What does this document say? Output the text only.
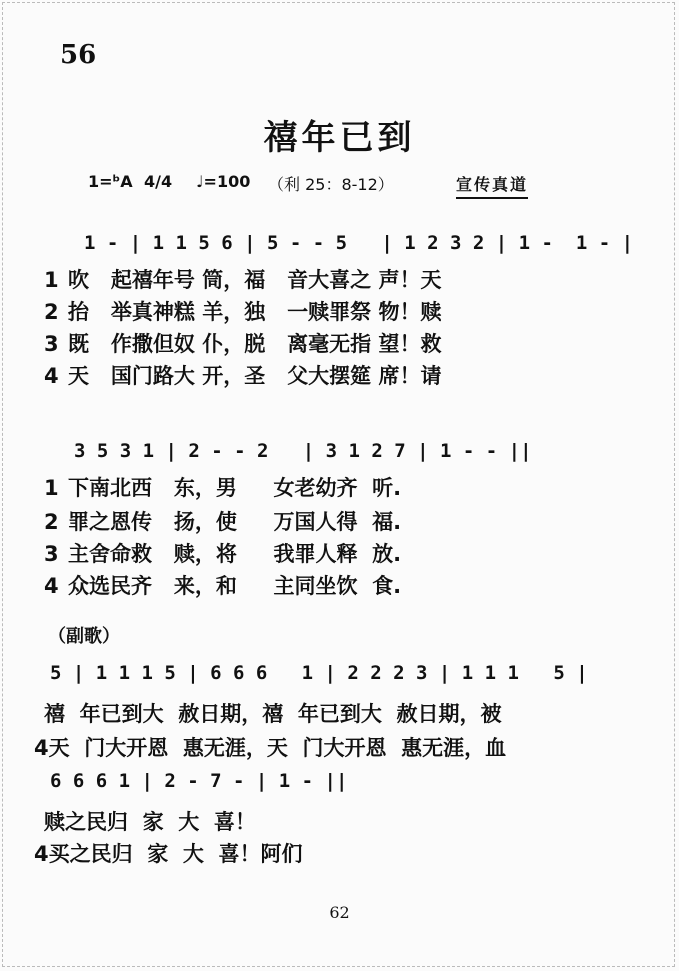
56
禧年已到
1=ᵇA 4/4 ♩=100 （利 25：8-12）	宣传真道
1 - | 1 1 5 6 | 5 - - 5   | 1 2 3 2 | 1 -  1 - |
1 吹   起禧年号 筒，福   音大喜之 声！天
2 抬   举真神糕 羊，独   一赎罪祭 物！赎
3 既   作撒但奴 仆，脱   离毫无指 望！救
4 天   国门路大 开，圣   父大摆筵 席！请
3 5 3 1 | 2 - - 2   | 3 1 2 7 | 1 - - ||
1 下南北西   东，男     女老幼齐  听.
2 罪之恩传   扬，使     万国人得  福.
3 主舍命救   赎，将     我罪人释  放.
4 众选民齐   来，和     主同坐饮  食.
（副歌）
5 | 1 1 1 5 | 6 6 6   1 | 2 2 2 3 | 1 1 1   5 |
禧  年已到大  赦日期，禧  年已到大  赦日期，被
4天  门大开恩  惠无涯，天  门大开恩  惠无涯，血
6 6 6 1 | 2 - 7 - | 1 - ||
赎之民归  家  大  喜！
4买之民归  家  大  喜！阿们
62
